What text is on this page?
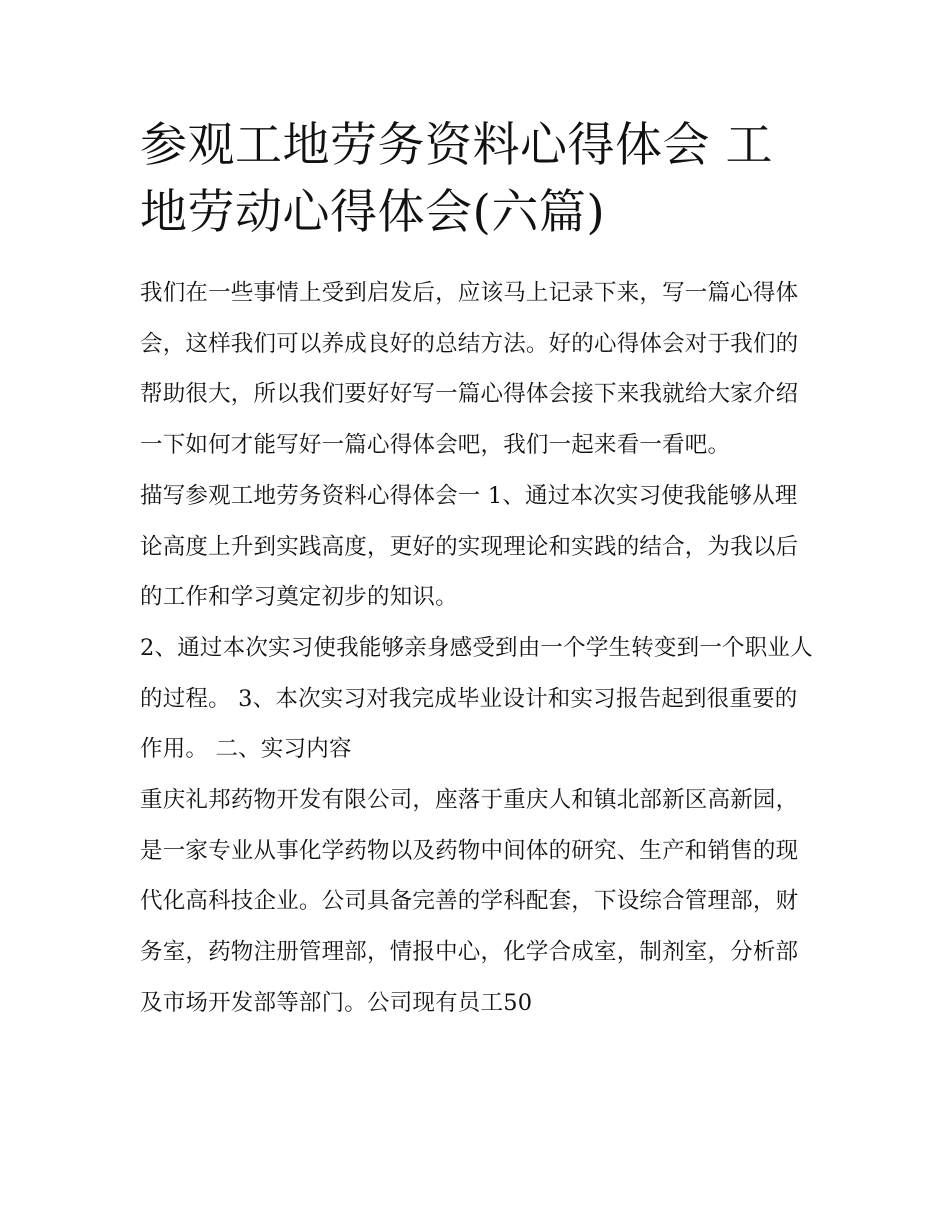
参观工地劳务资料心得体会 工地劳动心得体会(六篇)

我们在一些事情上受到启发后，应该马上记录下来，写一篇心得体会，这样我们可以养成良好的总结方法。好的心得体会对于我们的帮助很大，所以我们要好好写一篇心得体会接下来我就给大家介绍一下如何才能写好一篇心得体会吧，我们一起来看一看吧。

描写参观工地劳务资料心得体会一 1、通过本次实习使我能够从理论高度上升到实践高度，更好的实现理论和实践的结合，为我以后的工作和学习奠定初步的知识。

2、通过本次实习使我能够亲身感受到由一个学生转变到一个职业人的过程。 3、本次实习对我完成毕业设计和实习报告起到很重要的作用。 二、实习内容

重庆礼邦药物开发有限公司，座落于重庆人和镇北部新区高新园，是一家专业从事化学药物以及药物中间体的研究、生产和销售的现代化高科技企业。公司具备完善的学科配套，下设综合管理部，财务室，药物注册管理部，情报中心，化学合成室，制剂室，分析部及市场开发部等部门。公司现有员工50
